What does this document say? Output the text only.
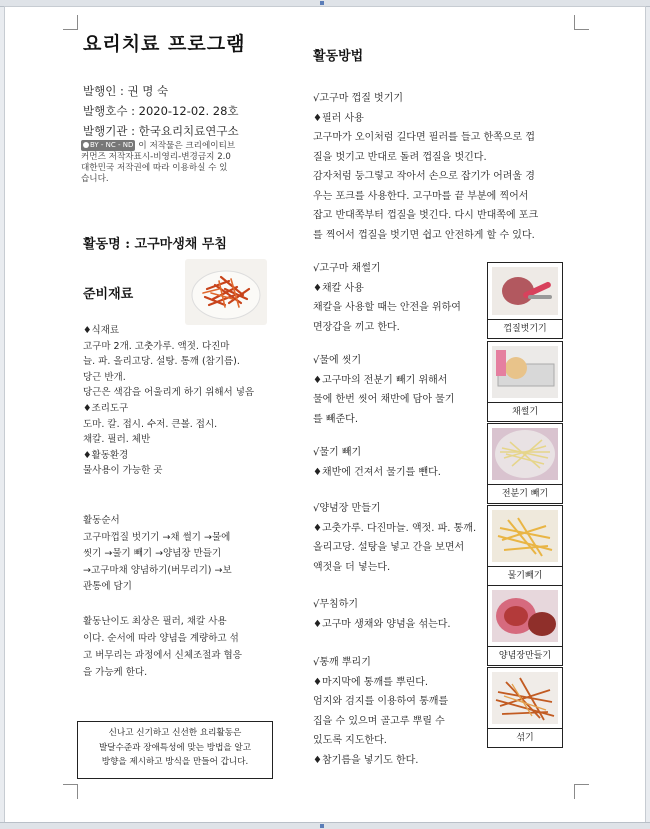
요리치료 프로그램
발행인 : 권 명 숙
발행호수 : 2020-12-02. 28호
발행기관 : 한국요리치료연구소
BY - NC - ND 이 저작물은 크리에이티브
커먼즈 저작자표시-비영리-변경금지 2.0
대한민국 저작권에 따라 이용하실 수 있
습니다.
활동명 : 고구마생채 무침
준비재료
♦식재료
고구마 2개. 고춧가루. 액젓. 다진마
늘. 파. 올리고당. 설탕. 통깨 (참기름).
당근 반개.
당근은 색감을 어울리게 하기 위해서 넣음
♦조리도구
도마. 칼. 접시. 수저. 큰볼. 접시.
채칼. 필러. 체반
♦활동환경
물사용이 가능한 곳
활동순서
고구마껍질 벗기기 →채 썰기 →물에
씻기 →물기 빼기 →양념장 만들기
→고구마채 양념하기(버무리기) →보
관통에 담기
활동난이도 최상은 필러, 채칼 사용
이다. 순서에 따라 양념을 계량하고 섞
고 버무리는 과정에서 신체조절과 협응
을 가능케 한다.
신나고 신기하고 신선한 요리활동은
발달수준과 장애특성에 맞는 방법을 알고
방향을 제시하고 방식을 만들어 갑니다.
활동방법
√고구마 껍질 벗기기
♦필러 사용
고구마가 오이처럼 길다면 필러를 들고 한쪽으로 껍
질을 벗기고 반대로 돌려 껍질을 벗긴다.
감자처럼 둥그렇고 작아서 손으로 잡기가 어려울 경
우는 포크를 사용한다. 고구마를 끝 부분에 찍어서
잡고 반대쪽부터 껍질을 벗긴다. 다시 반대쪽에 포크
를 찍어서 껍질을 벗기면 쉽고 안전하게 할 수 있다.
√고구마 채썰기
♦채칼 사용
채칼을 사용할 때는 안전을 위하여
면장갑을 끼고 한다.
√물에 씻기
♦고구마의 전분기 빼기 위해서
물에 한번 씻어 채반에 담아 물기
를 빼준다.
√물기 빼기
♦채반에 건져서 물기를 뺀다.
√양념장 만들기
♦고춧가루. 다진마늘. 액젓. 파. 통깨.
올리고당. 설탕을 넣고 간을 보면서
액젓을 더 넣는다.
√무침하기
♦고구마 생채와 양념을 섞는다.
√통깨 뿌리기
♦마지막에 통깨를 뿌린다.
엄지와 검지를 이용하여 통깨를
집을 수 있으며 골고루 뿌릴 수
있도록 지도한다.
♦참기름을 넣기도 한다.
껍질벗기기
채썰기
전분기 빼기
물기빼기
양념장만들기
섞기
